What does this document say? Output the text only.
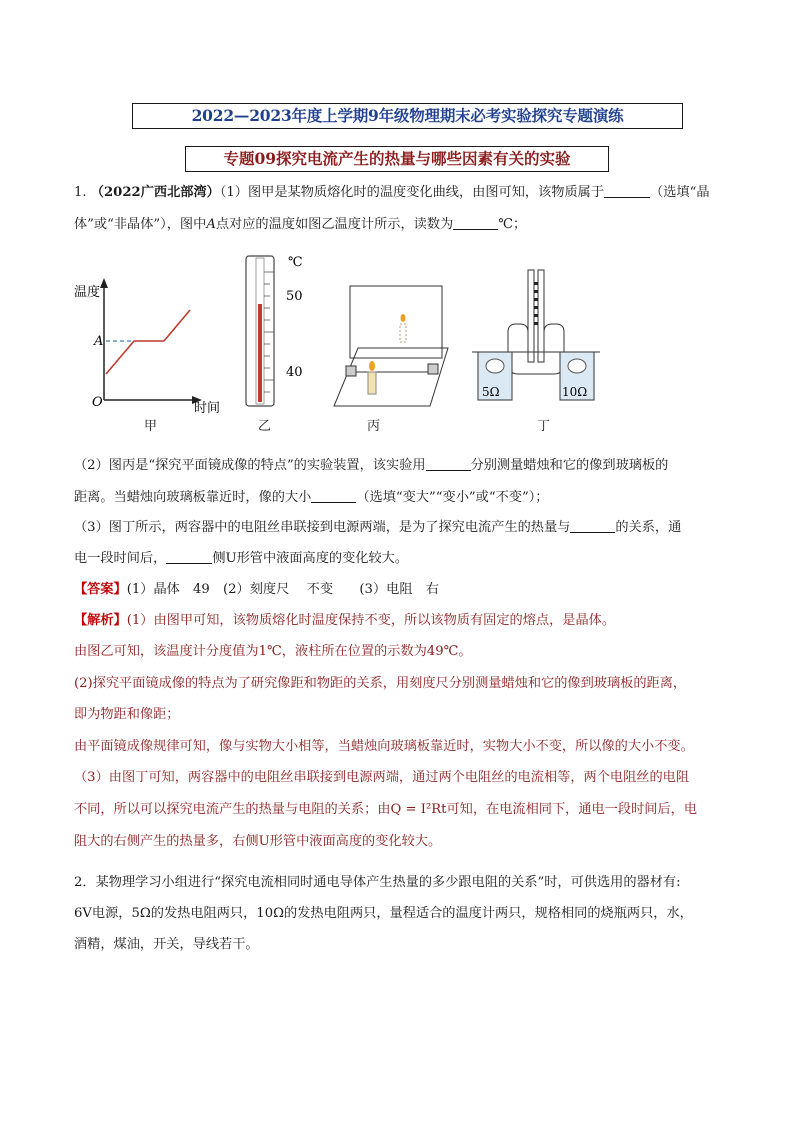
2022—2023年度上学期9年级物理期末必考实验探究专题演练
专题09探究电流产生的热量与哪些因素有关的实验
1. （2022广西北部湾）（1）图甲是某物质熔化时的温度变化曲线，由图可知，该物质属于	（选填“晶
体”或“非晶体”），图中A点对应的温度如图乙温度计所示，读数为	℃；
温度
A
O	时间
甲
℃
50
40
乙	丙
5Ω	10Ω
丁
（2）图丙是“探究平面镜成像的特点”的实验装置，该实验用	分别测量蜡烛和它的像到玻璃板的
距离。当蜡烛向玻璃板靠近时，像的大小	（选填“变大”“变小”或“不变”）；
（3）图丁所示，两容器中的电阻丝串联接到电源两端，是为了探究电流产生的热量与	的关系，通
电一段时间后，	侧U形管中液面高度的变化较大。
【答案】(1）晶体　49　(2）刻度尺　 不变　　(3）电阻　右
【解析】(1）由图甲可知，该物质熔化时温度保持不变，所以该物质有固定的熔点，是晶体。
由图乙可知，该温度计分度值为1℃，液柱所在位置的示数为49℃。
(2)探究平面镜成像的特点为了研究像距和物距的关系，用刻度尺分别测量蜡烛和它的像到玻璃板的距离，
即为物距和像距；
由平面镜成像规律可知，像与实物大小相等，当蜡烛向玻璃板靠近时，实物大小不变，所以像的大小不变。
（3）由图丁可知，两容器中的电阻丝串联接到电源两端，通过两个电阻丝的电流相等，两个电阻丝的电阻
不同，所以可以探究电流产生的热量与电阻的关系；由Q = I²Rt可知，在电流相同下，通电一段时间后，电
阻大的右侧产生的热量多，右侧U形管中液面高度的变化较大。
2．某物理学习小组进行“探究电流相同时通电导体产生热量的多少跟电阻的关系”时，可供选用的器材有:
6V电源，5Ω的发热电阻两只，10Ω的发热电阻两只，量程适合的温度计两只，规格相同的烧瓶两只，水，
酒精，煤油，开关，导线若干。
